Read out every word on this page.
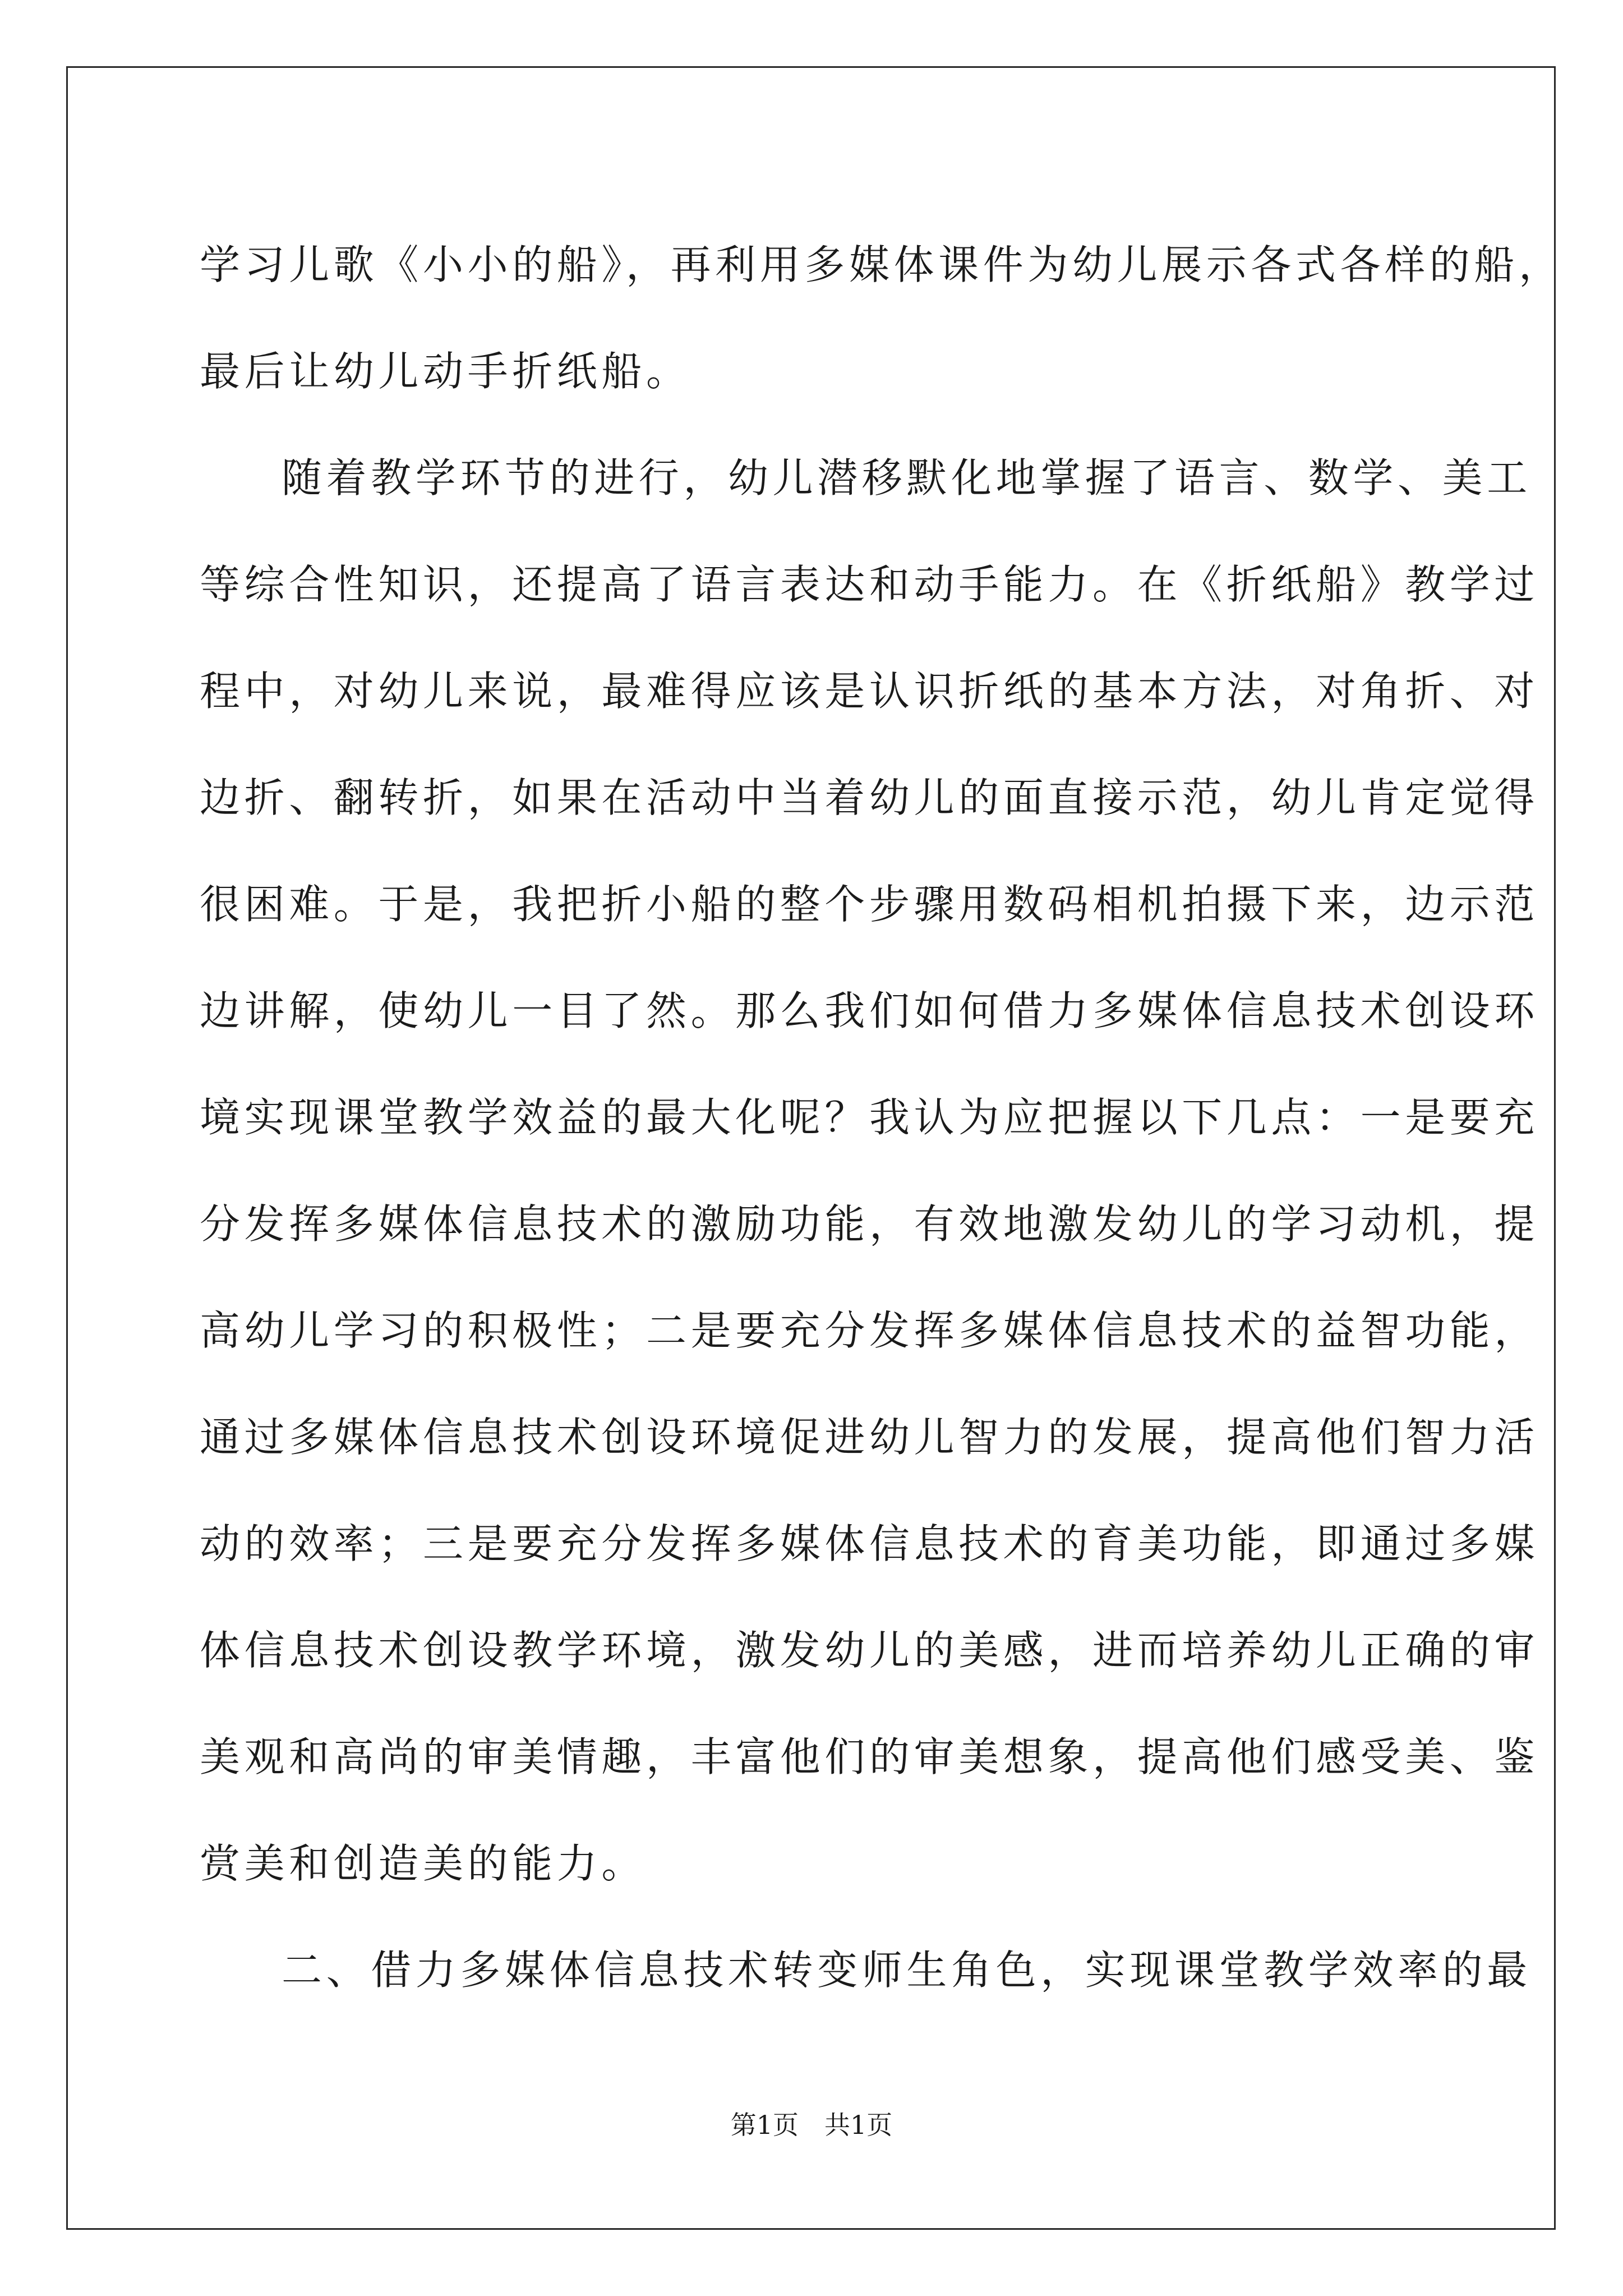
学习儿歌《小小的船》，再利用多媒体课件为幼儿展示各式各样的船，
最后让幼儿动手折纸船。
随着教学环节的进行，幼儿潜移默化地掌握了语言、数学、美工
等综合性知识，还提高了语言表达和动手能力。在《折纸船》教学过
程中，对幼儿来说，最难得应该是认识折纸的基本方法，对角折、对
边折、翻转折，如果在活动中当着幼儿的面直接示范，幼儿肯定觉得
很困难。于是，我把折小船的整个步骤用数码相机拍摄下来，边示范
边讲解，使幼儿一目了然。那么我们如何借力多媒体信息技术创设环
境实现课堂教学效益的最大化呢？我认为应把握以下几点：一是要充
分发挥多媒体信息技术的激励功能，有效地激发幼儿的学习动机，提
高幼儿学习的积极性；二是要充分发挥多媒体信息技术的益智功能，
通过多媒体信息技术创设环境促进幼儿智力的发展，提高他们智力活
动的效率；三是要充分发挥多媒体信息技术的育美功能，即通过多媒
体信息技术创设教学环境，激发幼儿的美感，进而培养幼儿正确的审
美观和高尚的审美情趣，丰富他们的审美想象，提高他们感受美、鉴
赏美和创造美的能力。
二、借力多媒体信息技术转变师生角色，实现课堂教学效率的最
第1页　共1页
